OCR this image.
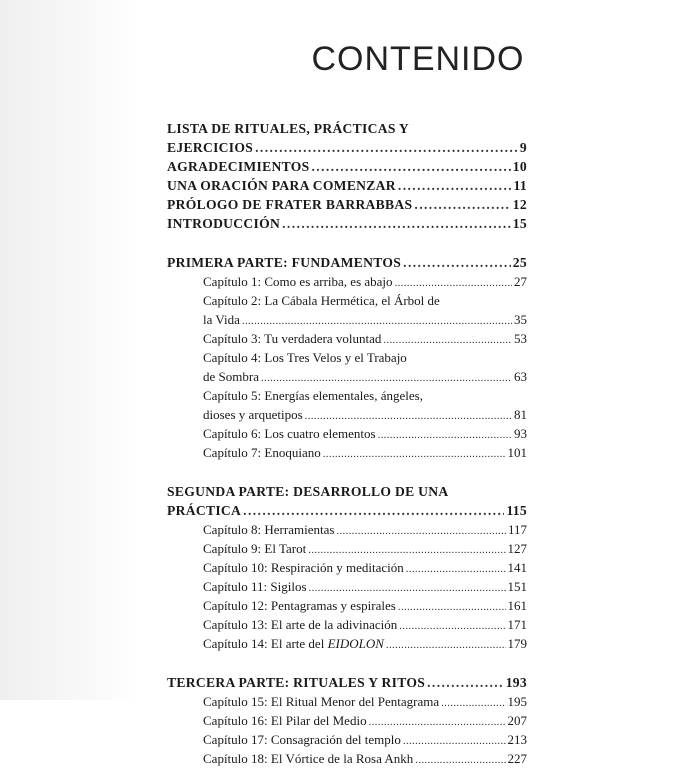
CONTENIDO
LISTA DE RITUALES, PRÁCTICAS Y
EJERCICIOS .....	9
AGRADECIMIENTOS .....	10
UNA ORACIÓN PARA COMENZAR .....	11
PRÓLOGO DE FRATER BARRABBAS .....	12
INTRODUCCIÓN .....	15
PRIMERA PARTE: FUNDAMENTOS .....	25
Capítulo 1: Como es arriba, es abajo .....	27
Capítulo 2: La Cábala Hermética, el Árbol de
la Vida .....	35
Capítulo 3: Tu verdadera voluntad .....	53
Capítulo 4: Los Tres Velos y el Trabajo
de Sombra .....	63
Capítulo 5: Energías elementales, ángeles,
dioses y arquetipos .....	81
Capítulo 6: Los cuatro elementos .....	93
Capítulo 7: Enoquiano .....	101
SEGUNDA PARTE: DESARROLLO DE UNA
PRÁCTICA .....	115
Capítulo 8: Herramientas .....	117
Capítulo 9: El Tarot .....	127
Capítulo 10: Respiración y meditación .....	141
Capítulo 11: Sigilos .....	151
Capítulo 12: Pentagramas y espirales .....	161
Capítulo 13: El arte de la adivinación .....	171
Capítulo 14: El arte del EIDOLON .....	179
TERCERA PARTE: RITUALES Y RITOS .....	193
Capítulo 15: El Ritual Menor del Pentagrama .....	195
Capítulo 16: El Pilar del Medio .....	207
Capítulo 17: Consagración del templo .....	213
Capítulo 18: El Vórtice de la Rosa Ankh .....	227
